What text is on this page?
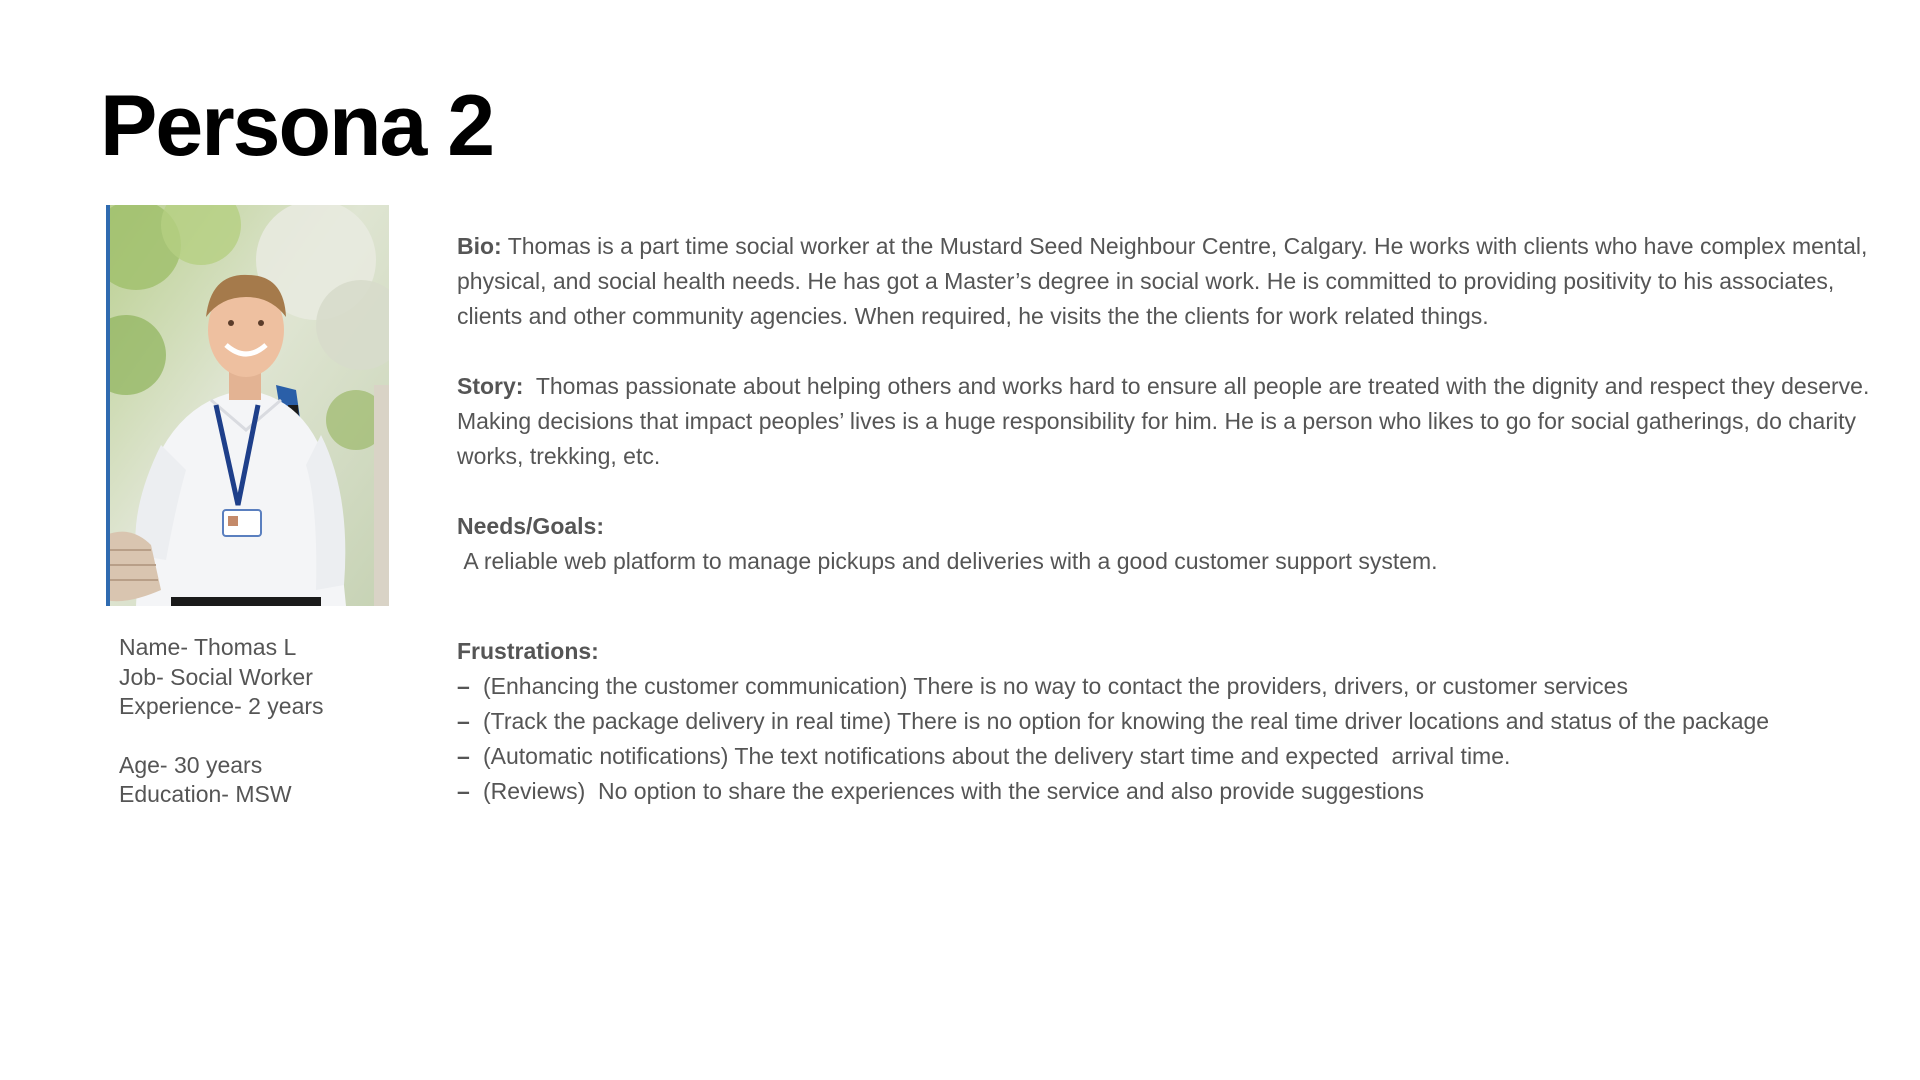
Persona 2
Name- Thomas L
Job- Social Worker
Experience- 2 years
Age- 30 years
Education- MSW

Bio: Thomas is a part time social worker at the Mustard Seed Neighbour Centre, Calgary. He works with clients who have complex mental, physical, and social health needs. He has got a Master’s degree in social work. He is committed to providing positivity to his associates, clients and other community agencies. When required, he visits the the clients for work related things.

Story:  Thomas passionate about helping others and works hard to ensure all people are treated with the dignity and respect they deserve. Making decisions that impact peoples’ lives is a huge responsibility for him. He is a person who likes to go for social gatherings, do charity works, trekking, etc.

Needs/Goals:
A reliable web platform to manage pickups and deliveries with a good customer support system.

Frustrations:
– (Enhancing the customer communication) There is no way to contact the providers, drivers, or customer services
– (Track the package delivery in real time) There is no option for knowing the real time driver locations and status of the package
– (Automatic notifications) The text notifications about the delivery start time and expected  arrival time.
– (Reviews)  No option to share the experiences with the service and also provide suggestions
